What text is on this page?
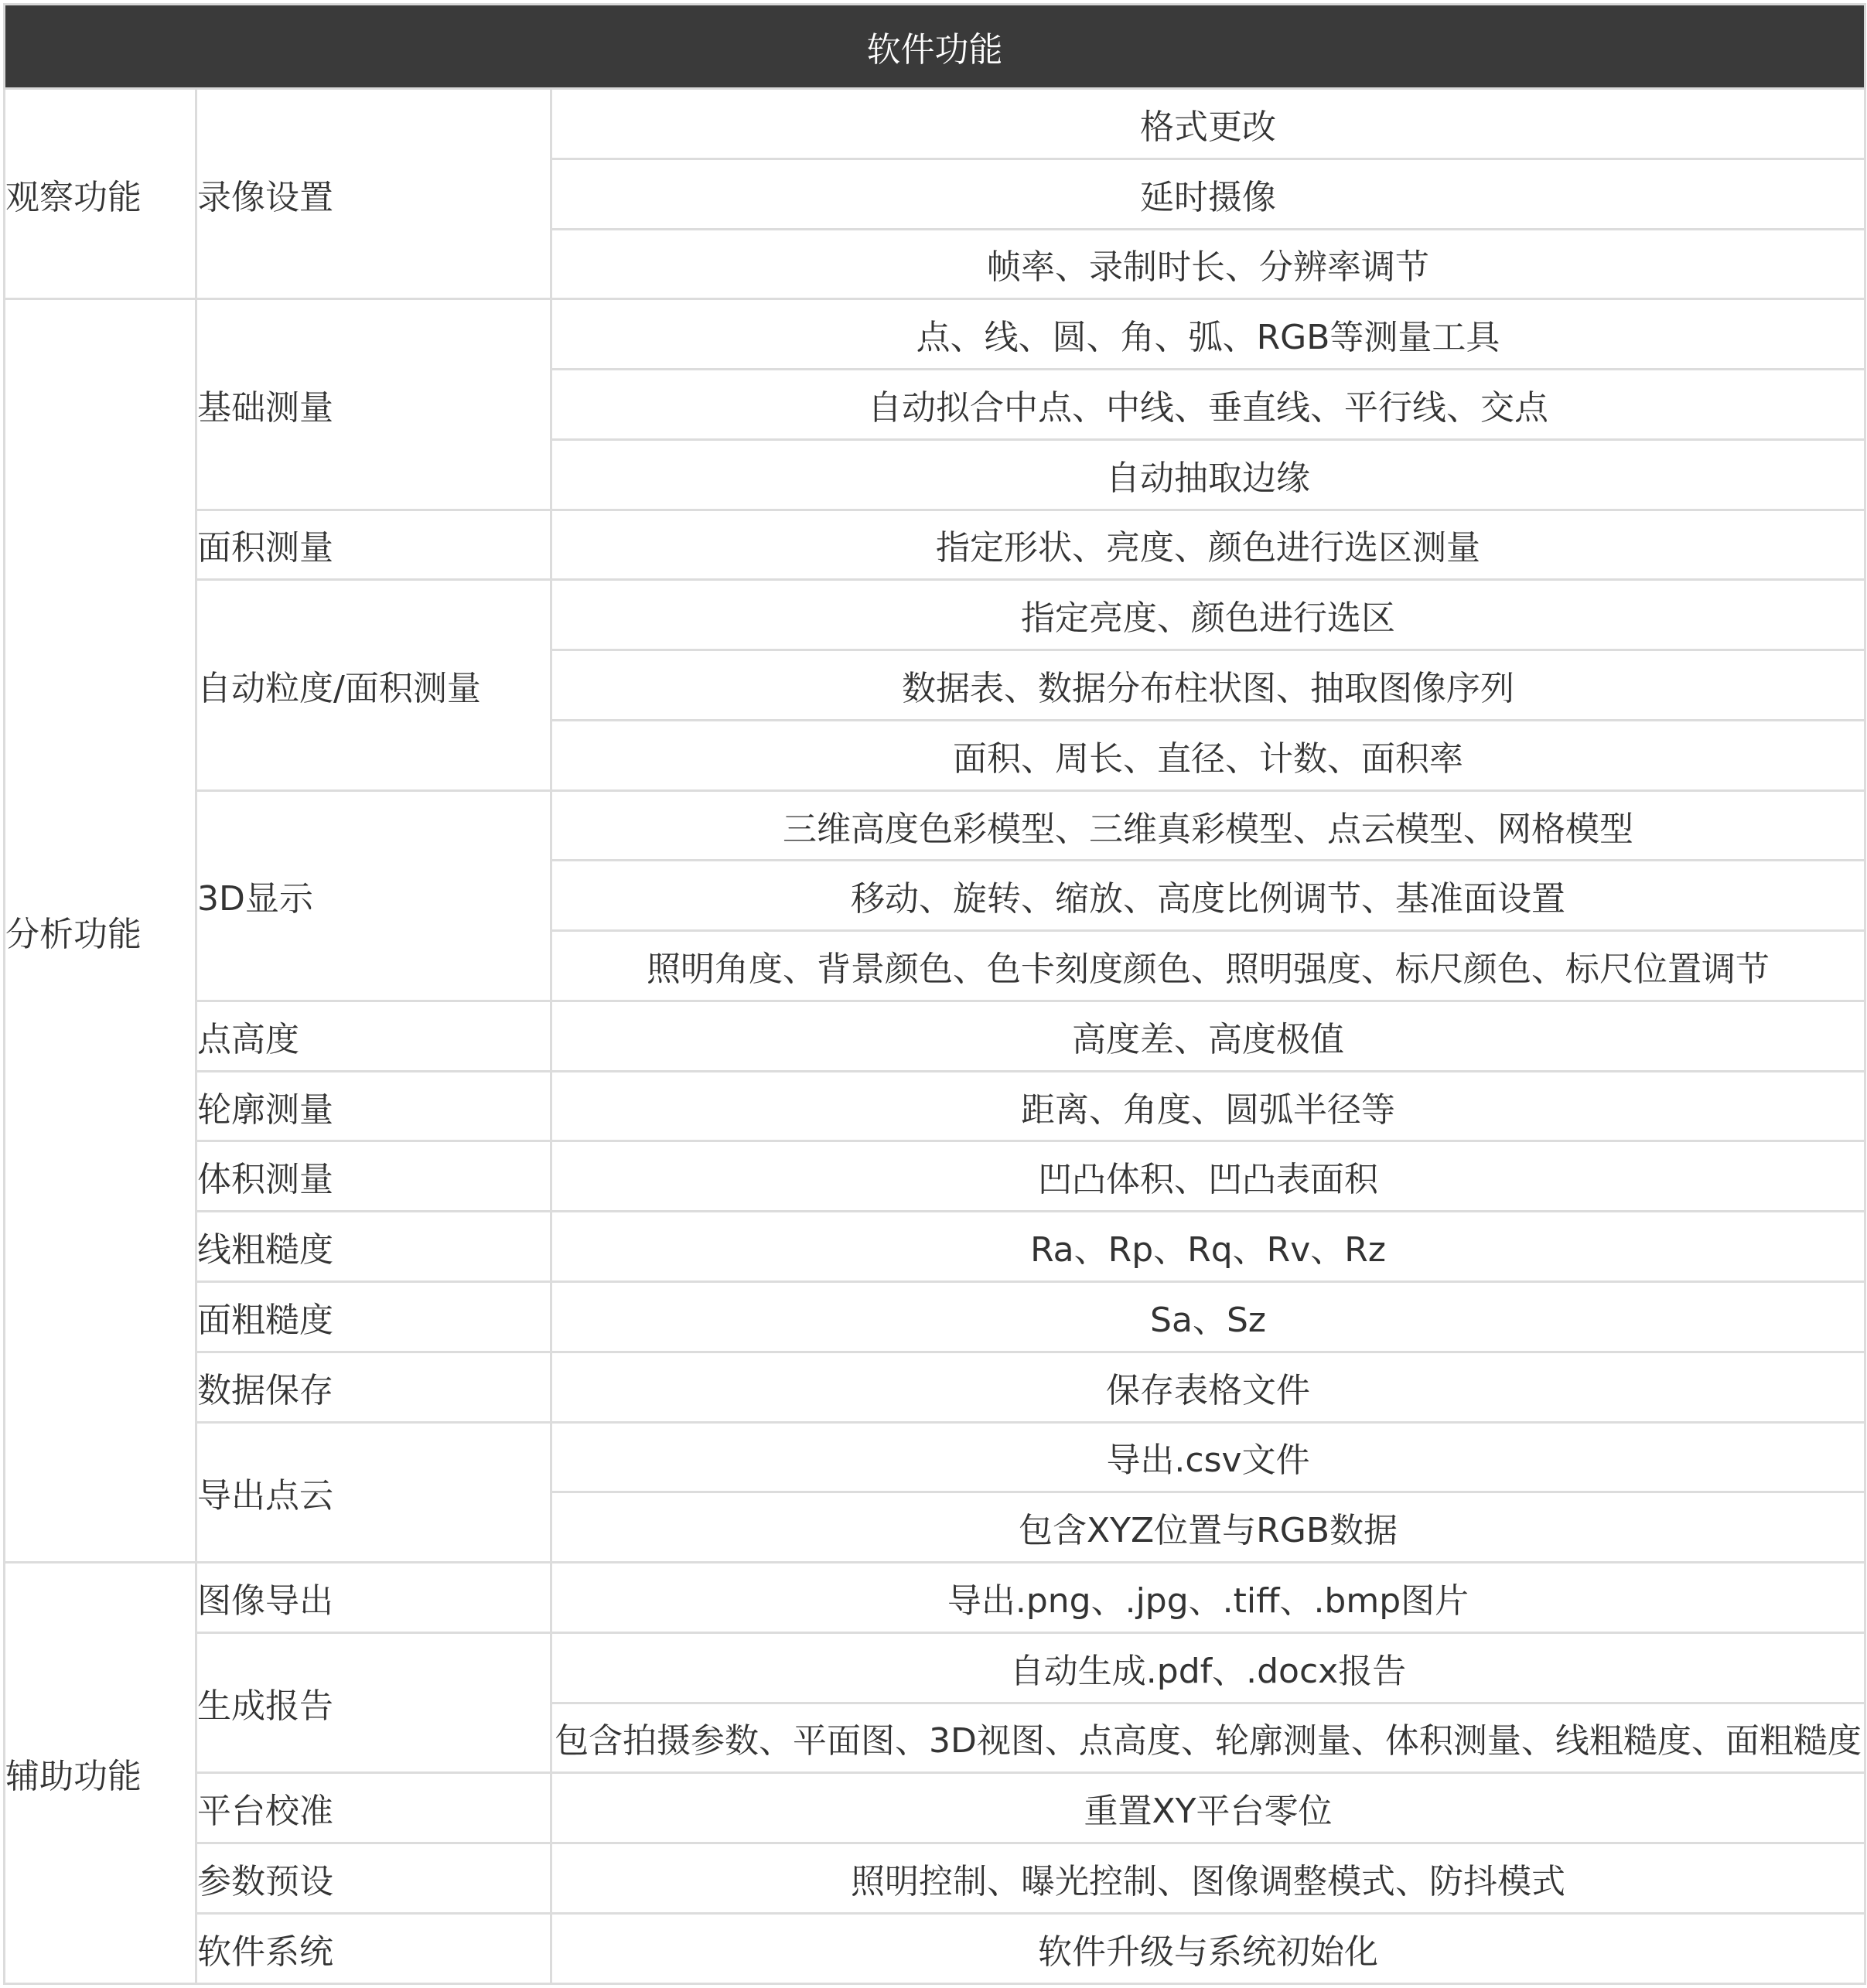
软件功能		
观察功能	录像设置	格式更改
		延时摄像
		帧率、录制时长、分辨率调节
分析功能	基础测量	点、线、圆、角、弧、RGB等测量工具
		自动拟合中点、中线、垂直线、平行线、交点
		自动抽取边缘
	面积测量	指定形状、亮度、颜色进行选区测量
	自动粒度/面积测量	指定亮度、颜色进行选区
		数据表、数据分布柱状图、抽取图像序列
		面积、周长、直径、计数、面积率
	3D显示	三维高度色彩模型、三维真彩模型、点云模型、网格模型
		移动、旋转、缩放、高度比例调节、基准面设置
		照明角度、背景颜色、色卡刻度颜色、照明强度、标尺颜色、标尺位置调节
	点高度	高度差、高度极值
	轮廓测量	距离、角度、圆弧半径等
	体积测量	凹凸体积、凹凸表面积
	线粗糙度	Ra、Rp、Rq、Rv、Rz
	面粗糙度	Sa、Sz
	数据保存	保存表格文件
	导出点云	导出.csv文件
		包含XYZ位置与RGB数据
辅助功能	图像导出	导出.png、.jpg、.tiff、.bmp图片
	生成报告	自动生成.pdf、.docx报告
		包含拍摄参数、平面图、3D视图、点高度、轮廓测量、体积测量、线粗糙度、面粗糙度
	平台校准	重置XY平台零位
	参数预设	照明控制、曝光控制、图像调整模式、防抖模式
	软件系统	软件升级与系统初始化
